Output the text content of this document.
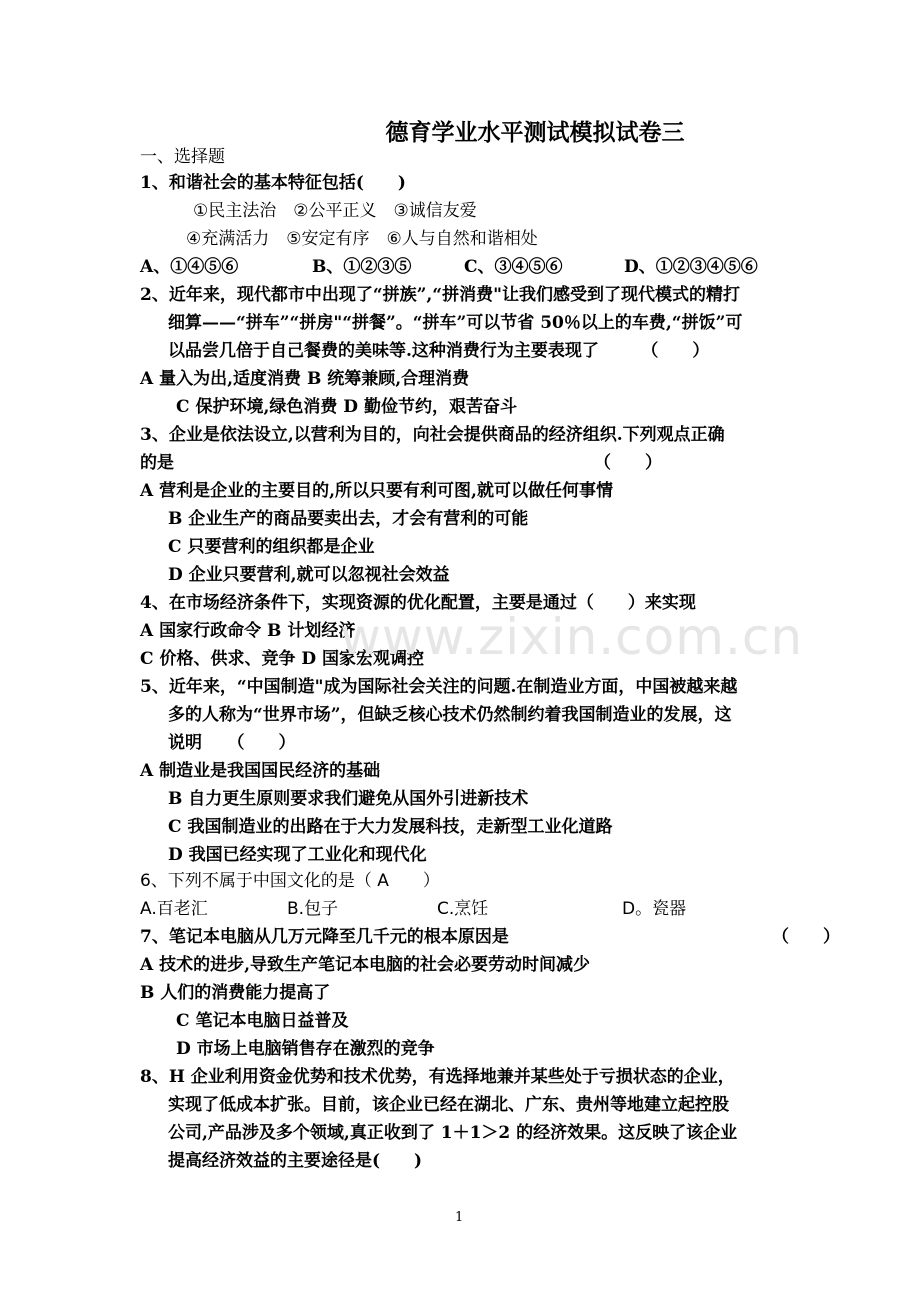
德育学业水平测试模拟试卷三
一、选择题
1、和谐社会的基本特征包括(　　)
①民主法治　②公平正义　③诚信友爱
④充满活力　⑤安定有序　⑥人与自然和谐相处
A、①④⑤⑥	B、①②③⑤	C、③④⑤⑥	D、①②③④⑤⑥
2、近年来，现代都市中出现了“拼族”,“拼消费"让我们感受到了现代模式的精打
细算——“拼车”“拼房"“拼餐”。“拼车”可以节省 50％以上的车费,“拼饭”可
以品尝几倍于自己餐费的美味等.这种消费行为主要表现了　　　（　　）
A 量入为出,适度消费 B 统筹兼顾,合理消费
C 保护环境,绿色消费 D 勤俭节约，艰苦奋斗
3、企业是依法设立,以营利为目的，向社会提供商品的经济组织.下列观点正确
的是	（　　）
A 营利是企业的主要目的,所以只要有利可图,就可以做任何事情
B 企业生产的商品要卖出去，才会有营利的可能
C 只要营利的组织都是企业
D 企业只要营利,就可以忽视社会效益
4、在市场经济条件下，实现资源的优化配置，主要是通过（　　）来实现
A 国家行政命令 B 计划经济
C 价格、供求、竞争 D 国家宏观调控
5、近年来，“中国制造"成为国际社会关注的问题.在制造业方面，中国被越来越
多的人称为“世界市场”，但缺乏核心技术仍然制约着我国制造业的发展，这
说明　　（　　）
A 制造业是我国国民经济的基础
B 自力更生原则要求我们避免从国外引进新技术
C 我国制造业的出路在于大力发展科技，走新型工业化道路
D 我国已经实现了工业化和现代化
6、下列不属于中国文化的是（ A　　）
A.百老汇	B.包子	C.烹饪	D。瓷器
7、笔记本电脑从几万元降至几千元的根本原因是	（　　）
A 技术的进步,导致生产笔记本电脑的社会必要劳动时间减少
B 人们的消费能力提高了
C 笔记本电脑日益普及
D 市场上电脑销售存在激烈的竞争
8、H 企业利用资金优势和技术优势，有选择地兼并某些处于亏损状态的企业，
实现了低成本扩张。目前，该企业已经在湖北、广东、贵州等地建立起控股
公司,产品涉及多个领域,真正收到了 1＋1＞2 的经济效果。这反映了该企业
提高经济效益的主要途径是(　　)
www.zixin.com.cn
1
